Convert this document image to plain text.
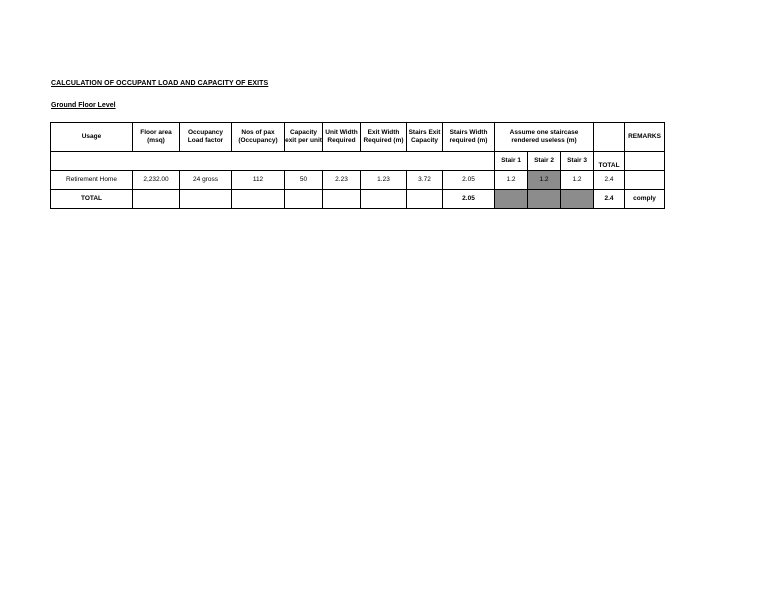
CALCULATION OF OCCUPANT LOAD AND CAPACITY OF EXITS
Ground Floor Level
Usage	Floor area (msq)	Occupancy Load factor	Nos of pax (Occupancy)	Capacity exit per unit	Unit Width Required	Exit Width Required (m)	Stairs Exit Capacity	Stairs Width required (m)	Assume one staircase rendered useless (m)				REMARKS
									Stair 1	Stair 2	Stair 3	TOTAL	
Retirement Home	2,232.00	24 gross	112	50	2.23	1.23	3.72	2.05	1.2	1.2	1.2	2.4	
TOTAL								2.05				2.4	comply
